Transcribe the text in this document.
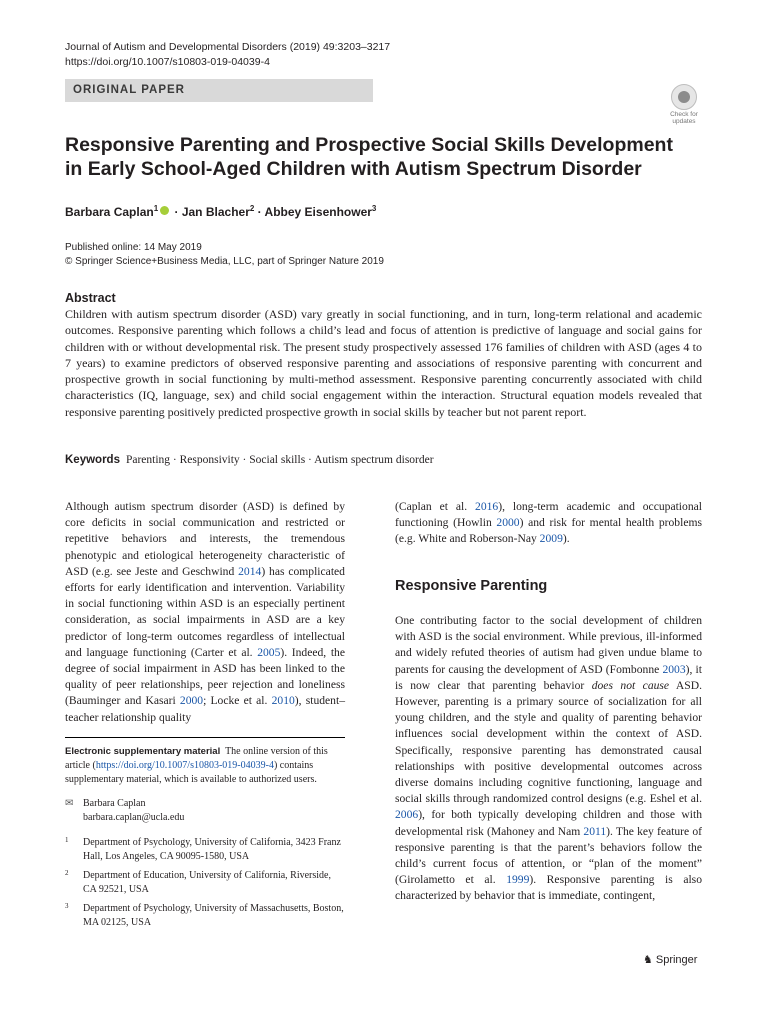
Journal of Autism and Developmental Disorders (2019) 49:3203–3217
https://doi.org/10.1007/s10803-019-04039-4
ORIGINAL PAPER
Check for updates
Responsive Parenting and Prospective Social Skills Development in Early School-Aged Children with Autism Spectrum Disorder
Barbara Caplan$^1$ · Jan Blacher$^2$ · Abbey Eisenhower$^3$
Published online: 14 May 2019
© Springer Science+Business Media, LLC, part of Springer Nature 2019
Abstract
Children with autism spectrum disorder (ASD) vary greatly in social functioning, and in turn, long-term relational and academic outcomes. Responsive parenting which follows a child’s lead and focus of attention is predictive of language and social gains for children with or without developmental risk. The present study prospectively assessed 176 families of children with ASD (ages 4 to 7 years) to examine predictors of observed responsive parenting and associations of responsive parenting with concurrent and prospective growth in social functioning by multi-method assessment. Responsive parenting concurrently associated with child characteristics (IQ, language, sex) and child social engagement within the interaction. Structural equation models revealed that responsive parenting positively predicted prospective growth in social skills by teacher but not parent report.
Keywords Parenting · Responsivity · Social skills · Autism spectrum disorder
Although autism spectrum disorder (ASD) is defined by core deficits in social communication and restricted or repetitive behaviors and interests, the tremendous phenotypic and etiological heterogeneity characteristic of ASD (e.g. see Jeste and Geschwind 2014) has complicated efforts for early identification and intervention. Variability in social functioning within ASD is an especially pertinent consideration, as social impairments in ASD are a key predictor of long-term outcomes regardless of intellectual and language functioning (Carter et al. 2005). Indeed, the degree of social impairment in ASD has been linked to the quality of peer relationships, peer rejection and loneliness (Bauminger and Kasari 2000; Locke et al. 2010), student–teacher relationship quality
Electronic supplementary material The online version of this article (https://doi.org/10.1007/s10803-019-04039-4) contains supplementary material, which is available to authorized users.
✉ Barbara Caplan
barbara.caplan@ucla.edu
1 Department of Psychology, University of California, 3423 Franz Hall, Los Angeles, CA 90095-1580, USA
2 Department of Education, University of California, Riverside, CA 92521, USA
3 Department of Psychology, University of Massachusetts, Boston, MA 02125, USA
(Caplan et al. 2016), long-term academic and occupational functioning (Howlin 2000) and risk for mental health problems (e.g. White and Roberson-Nay 2009).
Responsive Parenting
One contributing factor to the social development of children with ASD is the social environment. While previous, ill-informed and widely refuted theories of autism had given undue blame to parents for causing the development of ASD (Fombonne 2003), it is now clear that parenting behavior does not cause ASD. However, parenting is a primary source of socialization for all young children, and the style and quality of parenting behavior influences social development within the context of ASD. Specifically, responsive parenting has demonstrated causal relationships with positive developmental outcomes across diverse domains including cognitive functioning, language and social skills through randomized control designs (e.g. Eshel et al. 2006), for both typically developing children and those with developmental risk (Mahoney and Nam 2011). The key feature of responsive parenting is that the parent’s behaviors follow the child’s current focus of attention, or “plan of the moment” (Girolametto et al. 1999). Responsive parenting is also characterized by behavior that is immediate, contingent,
♞ Springer
